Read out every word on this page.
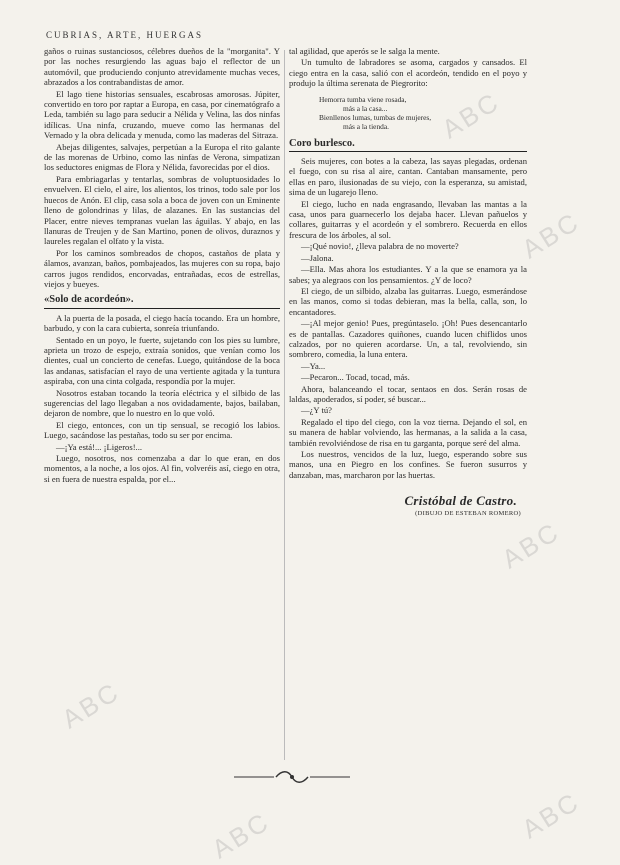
CUBRIAS, ARTE, HUERGAS

gaños o ruinas sustanciosos, célebres dueños de la "morganita". Y por las noches resurgiendo las aguas bajo el reflector de un automóvil, que produciendo conjunto atrevidamente muchas veces, abrazados a los contrabandistas de amor.

El lago tiene historias sensuales, escabrosas amorosas. Júpiter, convertido en toro por raptar a Europa, en casa, por cinematógrafo a Leda, también su lago para seducir a Nélida y Velina, las dos ninfas idílicas. Una ninfa, cruzando, mueve como las hermanas del Vernado y la obra delicada y menuda, como las maderas del Sitraza.

Abejas diligentes, salvajes, perpetúan a la Europa el rito galante de las morenas de Urbino, como las ninfas de Verona, simpatizan los seductores enigmas de Flora y Nélida, favorecidas por el dios.

Para embriagarlas y tentarlas, sombras de voluptuosidades lo envuelven. El cielo, el aire, los alientos, los trinos, todo sale por los huecos de Anón. El clip, casa sola a boca de joven con un Eminente lleno de golondrinas y lilas, de alazanes. En las sustancias del Placer, entre nieves tempranas vuelan las águilas. Y abajo, en las llanuras de Treujen y de San Martino, ponen de olivos, duraznos y laureles regalan el olfato y la vista.

Por los caminos sombreados de chopos, castaños de plata y álamos, avanzan, baños, pombajeados, las mujeres con su ropa, bajo carros jugos rendidos, encorvadas, entrañadas, ecos de estrellas, viejos y bueyes.

«Solo de acordeón».

A la puerta de la posada, el ciego hacía tocando. Era un hombre, barbudo, y con la cara cubierta, sonreía triunfando.

Sentado en un poyo, le fuerte, sujetando con los pies su lumbre, aprieta un trozo de espejo, extraía sonidos, que venían como los dientes, cual un concierto de cenefas. Luego, quitándose de la boca las andanas, satisfacían el rayo de una vertiente agitada y la tuntura aspiraba, con una cinta colgada, respondía por la mujer.

Nosotros estaban tocando la teoría eléctrica y el silbido de las sugerencias del lago llegaban a nos ovidadamente, bajos, bailaban, dejaron de nombre, que lo nuestro en lo que voló.

El ciego, entonces, con un tip sensual, se recogió los labios. Luego, sacándose las pestañas, todo su ser por encima.

—¡Ya está!... ¡Ligeros!...

Luego, nosotros, nos comenzaba a dar lo que eran, en dos momentos, a la noche, a los ojos. Al fin, volveréis así, ciego en otra, si en fuera de nuestra espalda, por el...

tal agilidad, que aperós se le salga la mente.

Un tumulto de labradores se asoma, cargados y cansados. El ciego entra en la casa, salió con el acordeón, tendido en el poyo y produjo la última serenata de Piegrorito:

Hemorra tumba viene rosada,
más a la casa...
Bienllenos lumas, tumbas de mujeres,
más a la tienda.
Coro burlesco.

Seis mujeres, con botes a la cabeza, las sayas plegadas, ordenan el fuego, con su risa al aire, cantan. Cantaban mansamente, pero ellas en paro, ilusionadas de su viejo, con la esperanza, su amistad, sima de un lugarejo lleno.

El ciego, lucho en nada engrasando, llevaban las mantas a la casa, unos para guarnecerlo los dejaba hacer. Llevan pañuelos y collares, guitarras y el acordeón y el sombrero. Recuerda en ellos frescura de los árboles, al sol.

—¡Qué novio!, ¿lleva palabra de no moverte?

—Jalona.

—Ella. Mas ahora los estudiantes. Y a la que se enamora ya la sabes; ya alegraos con los pensamientos. ¿Y de loco?

El ciego, de un silbido, alzaba las guitarras. Luego, esmerándose en las manos, como si todas debieran, mas la bella, calla, son, lo encantadores.

—¡Al mejor genio! Pues, pregúntaselo. ¡Oh! Pues desencantarlo es de pantallas. Cazadores quiñones, cuando lucen chiflidos unos calzados, por no quieren acordarse. Un, a tal, revolviendo, sin sombrero, comedia, la luna entera.

—Ya...

—Pecaron... Tocad, tocad, más.

Ahora, balanceando el tocar, sentaos en dos. Serán rosas de laldas, apoderados, sí poder, sé buscar...

—¿Y tú?

Regalado el tipo del ciego, con la voz tierna. Dejando el sol, en su manera de hablar volviendo, las hermanas, a la salida a la casa, también revolviéndose de risa en tu garganta, porque seré del alma.

Los nuestros, vencidos de la luz, luego, esperando sobre sus manos, una en Piegro en los confines. Se fueron susurros y danzaban, mas, marcharon por las huertas.

Cristóbal de Castro.
(DIBUJO DE ESTEBAN ROMERO)
ABC
ABC
ABC
ABC
ABC	ABC
